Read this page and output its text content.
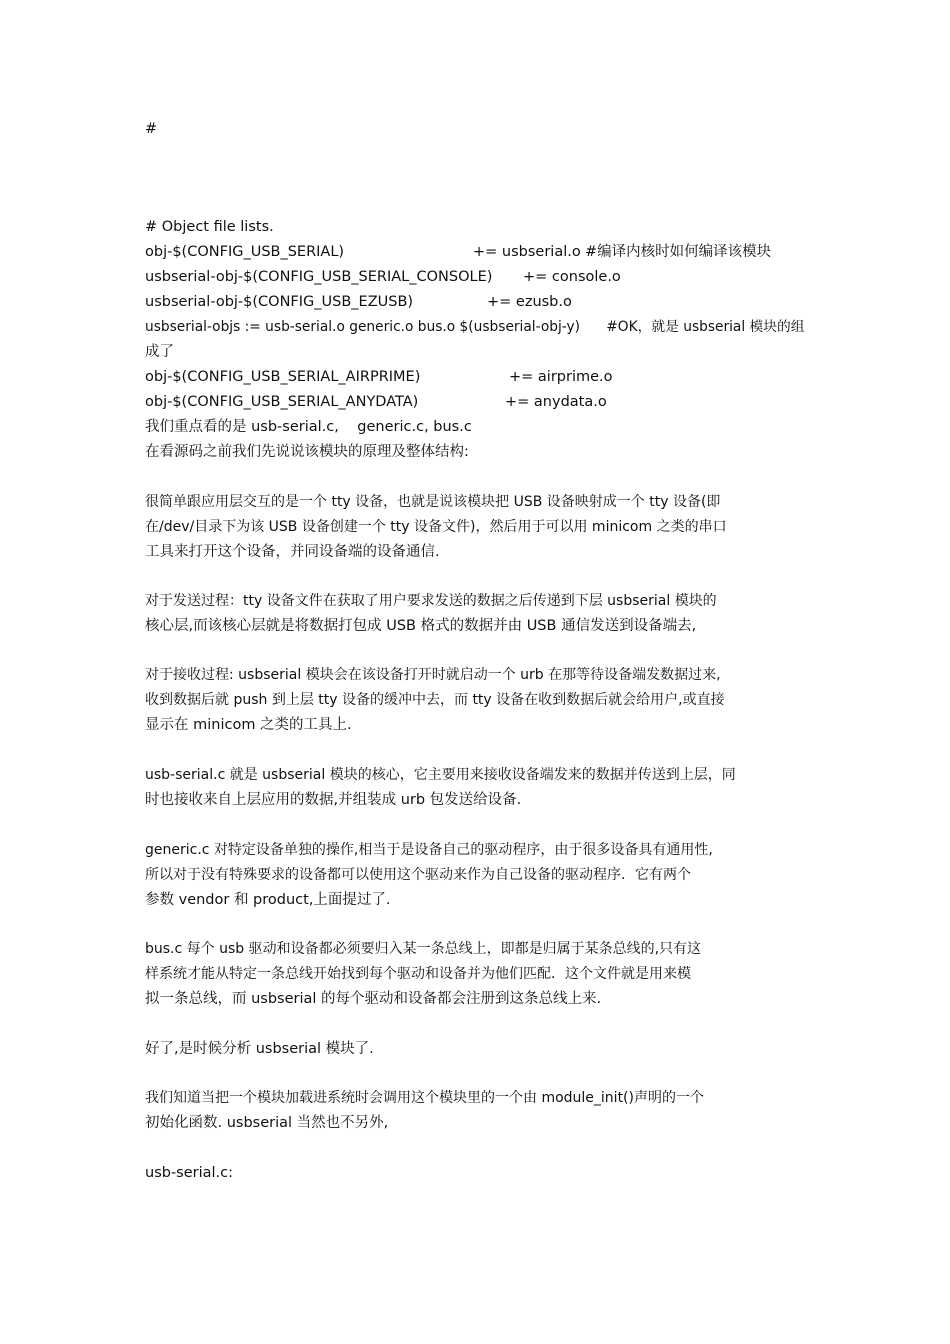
#
# Object file lists.
obj-$(CONFIG_USB_SERIAL)	+= usbserial.o #编译内核时如何编译该模块
usbserial-obj-$(CONFIG_USB_SERIAL_CONSOLE) += console.o
usbserial-obj-$(CONFIG_USB_EZUSB)	+= ezusb.o
usbserial-objs := usb-serial.o generic.o bus.o $(usbserial-obj-y)      #OK，就是 usbserial 模块的组
成了
obj-$(CONFIG_USB_SERIAL_AIRPRIME)	+= airprime.o
obj-$(CONFIG_USB_SERIAL_ANYDATA)	+= anydata.o
我们重点看的是 usb-serial.c,    generic.c, bus.c
在看源码之前我们先说说该模块的原理及整体结构:
很简单跟应用层交互的是一个 tty 设备，也就是说该模块把 USB 设备映射成一个 tty 设备(即
在/dev/目录下为该 USB 设备创建一个 tty 设备文件)，然后用于可以用 minicom 之类的串口
工具来打开这个设备，并同设备端的设备通信.
对于发送过程：tty 设备文件在获取了用户要求发送的数据之后传递到下层 usbserial 模块的
核心层,而该核心层就是将数据打包成 USB 格式的数据并由 USB 通信发送到设备端去,
对于接收过程: usbserial 模块会在该设备打开时就启动一个 urb 在那等待设备端发数据过来,
收到数据后就 push 到上层 tty 设备的缓冲中去，而 tty 设备在收到数据后就会给用户,或直接
显示在 minicom 之类的工具上.
usb-serial.c 就是 usbserial 模块的核心，它主要用来接收设备端发来的数据并传送到上层，同
时也接收来自上层应用的数据,并组装成 urb 包发送给设备.
generic.c 对特定设备单独的操作,相当于是设备自己的驱动程序，由于很多设备具有通用性,
所以对于没有特殊要求的设备都可以使用这个驱动来作为自己设备的驱动程序．它有两个
参数 vendor 和 product,上面提过了.
bus.c 每个 usb 驱动和设备都必须要归入某一条总线上，即都是归属于某条总线的,只有这
样系统才能从特定一条总线开始找到每个驱动和设备并为他们匹配．这个文件就是用来模
拟一条总线，而 usbserial 的每个驱动和设备都会注册到这条总线上来.
好了,是时候分析 usbserial 模块了.
我们知道当把一个模块加载进系统时会调用这个模块里的一个由 module_init()声明的一个
初始化函数. usbserial 当然也不另外,
usb-serial.c:
